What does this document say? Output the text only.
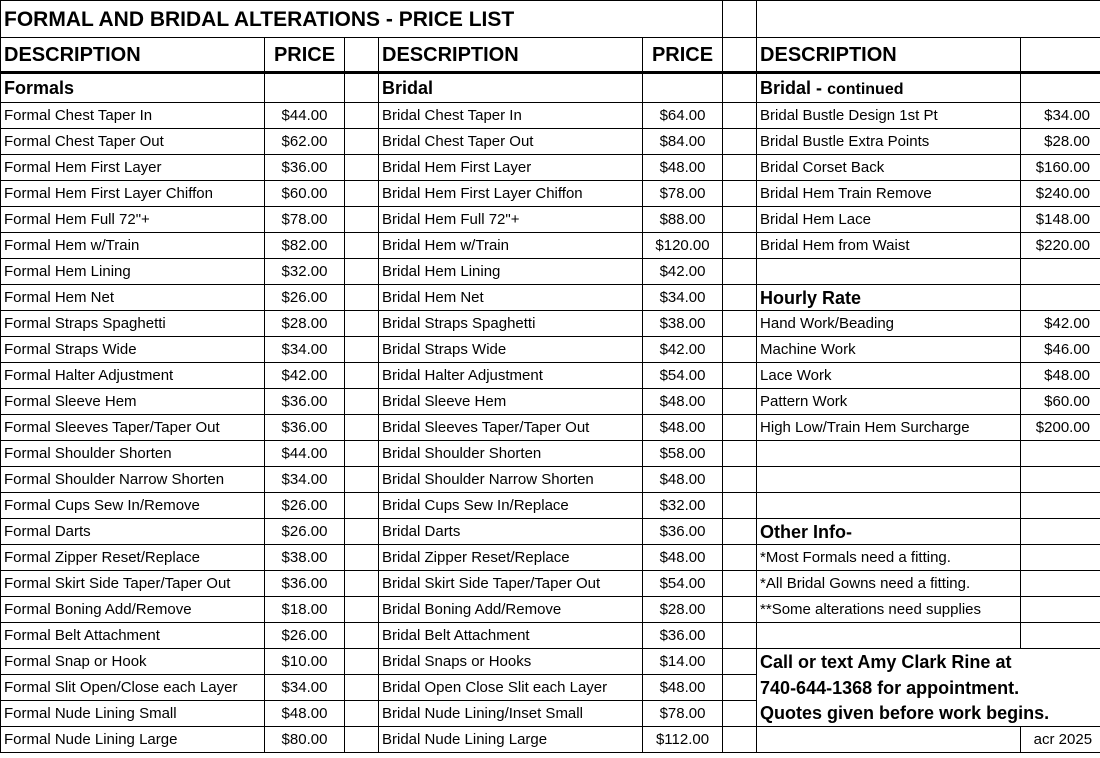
FORMAL AND BRIDAL ALTERATIONS - PRICE LIST							
DESCRIPTION	PRICE		DESCRIPTION	PRICE		DESCRIPTION	
Formals			Bridal			Bridal - continued	
Formal Chest Taper In	$44.00		Bridal Chest Taper In	$64.00		Bridal Bustle Design 1st Pt	$34.00
Formal Chest Taper Out	$62.00		Bridal Chest Taper Out	$84.00		Bridal Bustle Extra Points	$28.00
Formal Hem First Layer	$36.00		Bridal Hem First Layer	$48.00		Bridal Corset Back	$160.00
Formal Hem First Layer Chiffon	$60.00		Bridal Hem First Layer Chiffon	$78.00		Bridal Hem Train Remove	$240.00
Formal Hem Full 72"+	$78.00		Bridal Hem Full 72"+	$88.00		Bridal Hem Lace	$148.00
Formal Hem w/Train	$82.00		Bridal Hem w/Train	$120.00		Bridal Hem from Waist	$220.00
Formal Hem Lining	$32.00		Bridal Hem Lining	$42.00			
Formal Hem Net	$26.00		Bridal Hem Net	$34.00		Hourly Rate	
Formal Straps Spaghetti	$28.00		Bridal Straps Spaghetti	$38.00		Hand Work/Beading	$42.00
Formal Straps Wide	$34.00		Bridal Straps Wide	$42.00		Machine Work	$46.00
Formal Halter Adjustment	$42.00		Bridal Halter Adjustment	$54.00		Lace Work	$48.00
Formal Sleeve Hem	$36.00		Bridal Sleeve Hem	$48.00		Pattern Work	$60.00
Formal Sleeves Taper/Taper Out	$36.00		Bridal Sleeves Taper/Taper Out	$48.00		High Low/Train Hem Surcharge	$200.00
Formal Shoulder Shorten	$44.00		Bridal Shoulder Shorten	$58.00			
Formal Shoulder Narrow Shorten	$34.00		Bridal Shoulder Narrow Shorten	$48.00			
Formal Cups Sew In/Remove	$26.00		Bridal Cups Sew In/Replace	$32.00			
Formal Darts	$26.00		Bridal Darts	$36.00		Other Info-	
Formal Zipper Reset/Replace	$38.00		Bridal Zipper Reset/Replace	$48.00		*Most Formals need a fitting.	
Formal Skirt Side Taper/Taper Out	$36.00		Bridal Skirt Side Taper/Taper Out	$54.00		*All Bridal Gowns need a fitting.	
Formal Boning Add/Remove	$18.00		Bridal Boning Add/Remove	$28.00		**Some alterations need supplies	
Formal Belt Attachment	$26.00		Bridal Belt Attachment	$36.00			
Formal Snap or Hook	$10.00		Bridal Snaps or Hooks	$14.00		Call or text Amy Clark Rine at	
Formal Slit Open/Close each Layer	$34.00		Bridal Open Close Slit each Layer	$48.00		740-644-1368 for appointment.	
Formal Nude Lining Small	$48.00		Bridal Nude Lining/Inset Small	$78.00		Quotes given before work begins.	
Formal Nude Lining Large	$80.00		Bridal Nude Lining Large	$112.00			acr 2025
